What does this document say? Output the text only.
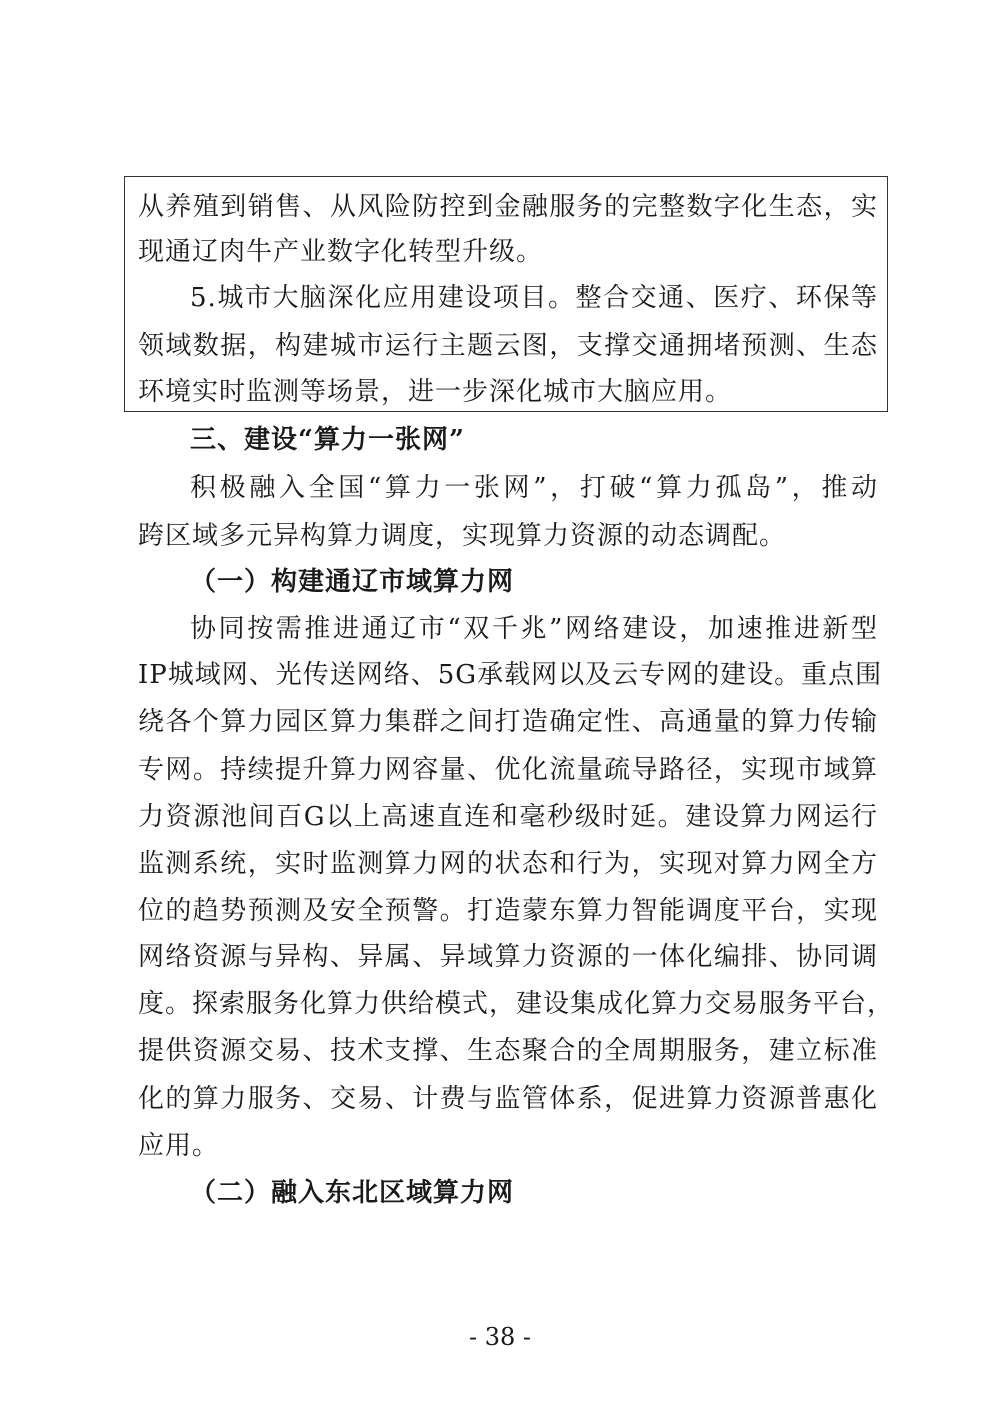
从养殖到销售、从风险防控到金融服务的完整数字化生态，实
现通辽肉牛产业数字化转型升级。
5.城市大脑深化应用建设项目。整合交通、医疗、环保等
领域数据，构建城市运行主题云图，支撑交通拥堵预测、生态
环境实时监测等场景，进一步深化城市大脑应用。
三、建设“算力一张网”
积极融入全国“算力一张网”，打破“算力孤岛”，推动
跨区域多元异构算力调度，实现算力资源的动态调配。
（一）构建通辽市域算力网
协同按需推进通辽市“双千兆”网络建设，加速推进新型
IP城域网、光传送网络、5G承载网以及云专网的建设。重点围
绕各个算力园区算力集群之间打造确定性、高通量的算力传输
专网。持续提升算力网容量、优化流量疏导路径，实现市域算
力资源池间百G以上高速直连和毫秒级时延。建设算力网运行
监测系统，实时监测算力网的状态和行为，实现对算力网全方
位的趋势预测及安全预警。打造蒙东算力智能调度平台，实现
网络资源与异构、异属、异域算力资源的一体化编排、协同调
度。探索服务化算力供给模式，建设集成化算力交易服务平台，
提供资源交易、技术支撑、生态聚合的全周期服务，建立标准
化的算力服务、交易、计费与监管体系，促进算力资源普惠化
应用。
（二）融入东北区域算力网
- 38 -
